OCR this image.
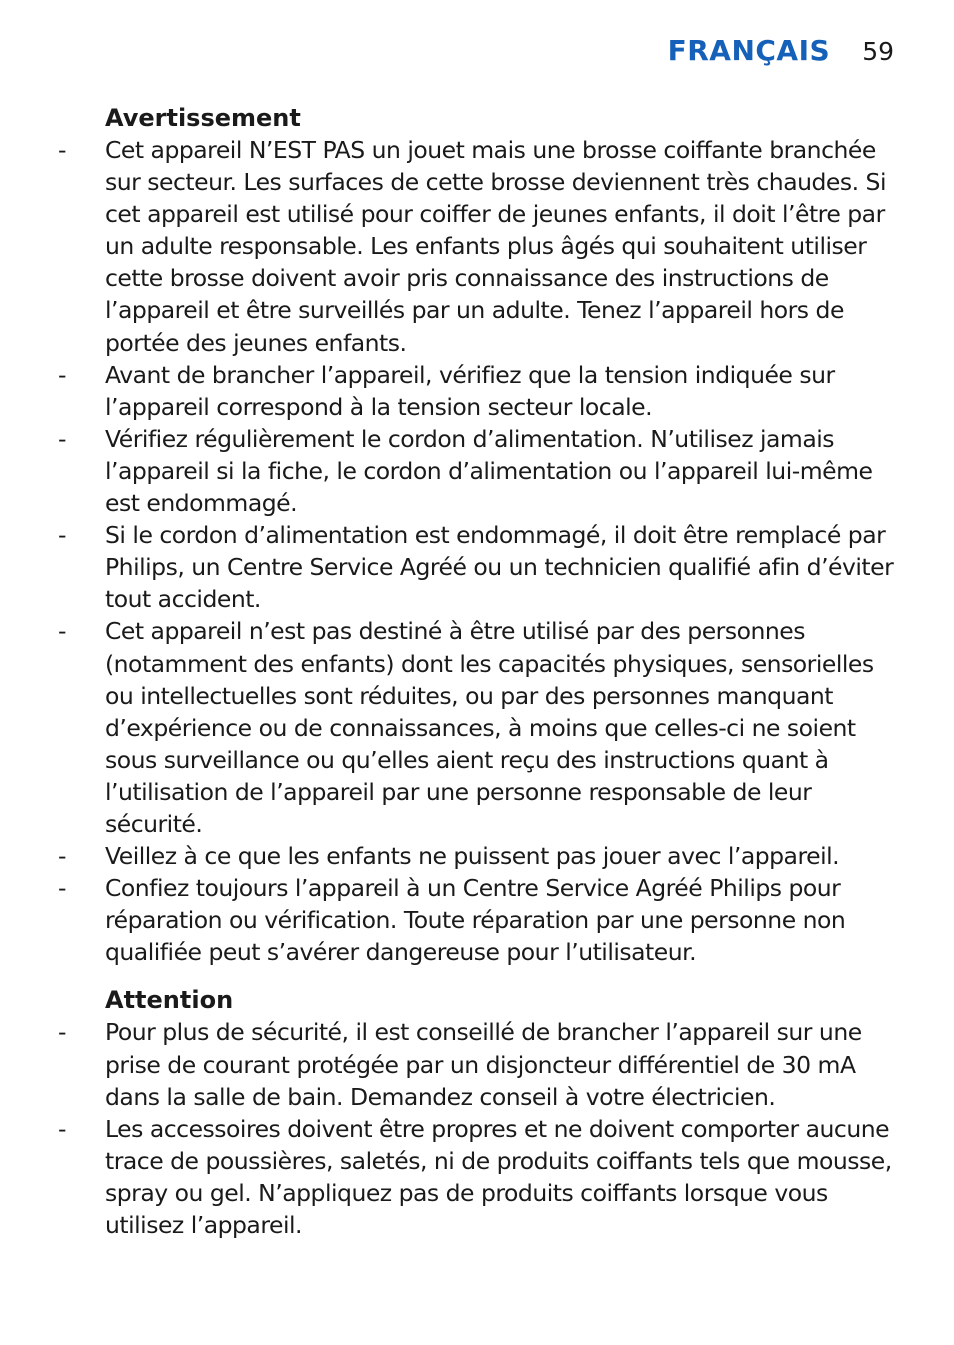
FRANÇAIS 59
Avertissement
- Cet appareil N’EST PAS un jouet mais une brosse coiffante branchée sur secteur. Les surfaces de cette brosse deviennent très chaudes. Si cet appareil est utilisé pour coiffer de jeunes enfants, il doit l’être par un adulte responsable. Les enfants plus âgés qui souhaitent utiliser cette brosse doivent avoir pris connaissance des instructions de l’appareil et être surveillés par un adulte. Tenez l’appareil hors de portée des jeunes enfants.
- Avant de brancher l’appareil, vérifiez que la tension indiquée sur l’appareil correspond à la tension secteur locale.
- Vérifiez régulièrement le cordon d’alimentation. N’utilisez jamais l’appareil si la fiche, le cordon d’alimentation ou l’appareil lui-même est endommagé.
- Si le cordon d’alimentation est endommagé, il doit être remplacé par Philips, un Centre Service Agréé ou un technicien qualifié afin d’éviter tout accident.
- Cet appareil n’est pas destiné à être utilisé par des personnes (notamment des enfants) dont les capacités physiques, sensorielles ou intellectuelles sont réduites, ou par des personnes manquant d’expérience ou de connaissances, à moins que celles-ci ne soient sous surveillance ou qu’elles aient reçu des instructions quant à l’utilisation de l’appareil par une personne responsable de leur sécurité.
- Veillez à ce que les enfants ne puissent pas jouer avec l’appareil.
- Confiez toujours l’appareil à un Centre Service Agréé Philips pour réparation ou vérification. Toute réparation par une personne non qualifiée peut s’avérer dangereuse pour l’utilisateur.
Attention
- Pour plus de sécurité, il est conseillé de brancher l’appareil sur une prise de courant protégée par un disjoncteur différentiel de 30 mA dans la salle de bain. Demandez conseil à votre électricien.
- Les accessoires doivent être propres et ne doivent comporter aucune trace de poussières, saletés, ni de produits coiffants tels que mousse, spray ou gel. N’appliquez pas de produits coiffants lorsque vous utilisez l’appareil.
